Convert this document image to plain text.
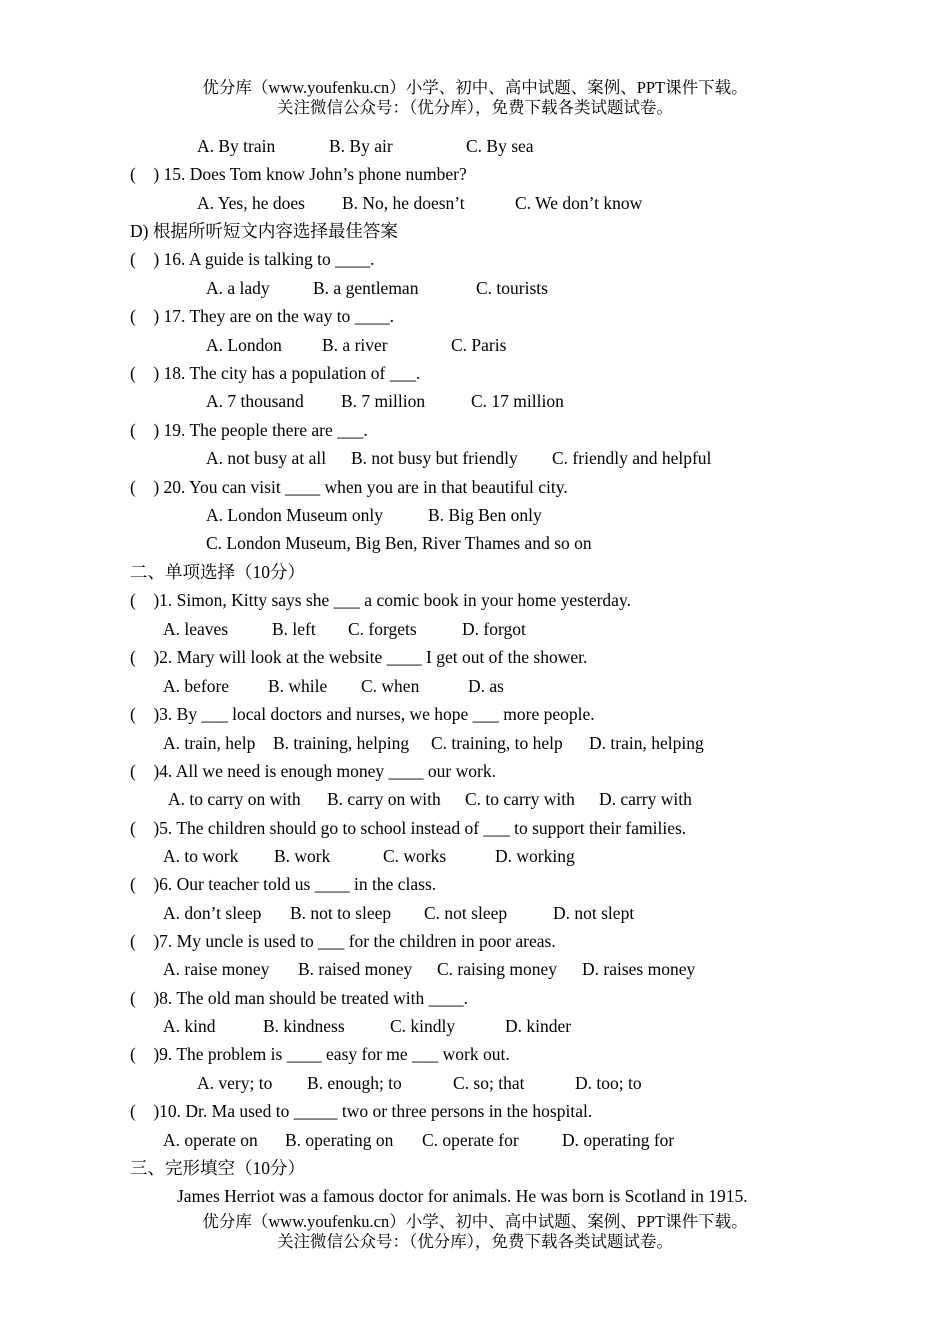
优分库（www.youfenku.cn）小学、初中、高中试题、案例、PPT课件下载。
关注微信公众号：（优分库），免费下载各类试题试卷。
A. By train	B. By air	C. By sea
(    ) 15. Does Tom know John’s phone number?
A. Yes, he does B. No, he doesn’t	C. We don’t know
D) 根据所听短文内容选择最佳答案
(    ) 16. A guide is talking to ____.
A. a lady B. a gentleman	C. tourists
(    ) 17. They are on the way to ____.
A. London B. a river	C. Paris
(    ) 18. The city has a population of ___.
A. 7 thousand B. 7 million	C. 17 million
(    ) 19. The people there are ___.
A. not busy at all B. not busy but friendly C. friendly and helpful
(    ) 20. You can visit ____ when you are in that beautiful city.
A. London Museum only	B. Big Ben only
C. London Museum, Big Ben, River Thames and so on
二、单项选择（10分）
(    )1. Simon, Kitty says she ___ a comic book in your home yesterday.
A. leaves	B. left C. forgets	D. forgot
(    )2. Mary will look at the website ____ I get out of the shower.
A. before B. while C. when	D. as
(    )3. By ___ local doctors and nurses, we hope ___ more people.
A. train, help B. training, helping C. training, to help D. train, helping
(    )4. All we need is enough money ____ our work.
A. to carry on with B. carry on with C. to carry with D. carry with
(    )5. The children should go to school instead of ___ to support their families.
A. to work B. work	C. works	D. working
(    )6. Our teacher told us ____ in the class.
A. don’t sleep B. not to sleep C. not sleep	D. not slept
(    )7. My uncle is used to ___ for the children in poor areas.
A. raise money B. raised money C. raising money D. raises money
(    )8. The old man should be treated with ____.
A. kind	B. kindness	C. kindly	D. kinder
(    )9. The problem is ____ easy for me ___ work out.
A. very; to B. enough; to	C. so; that	D. too; to
(    )10. Dr. Ma used to _____ two or three persons in the hospital.
A. operate on B. operating on C. operate for D. operating for
三、完形填空（10分）
James Herriot was a famous doctor for animals. He was born is Scotland in 1915.
优分库（www.youfenku.cn）小学、初中、高中试题、案例、PPT课件下载。
关注微信公众号：（优分库），免费下载各类试题试卷。
